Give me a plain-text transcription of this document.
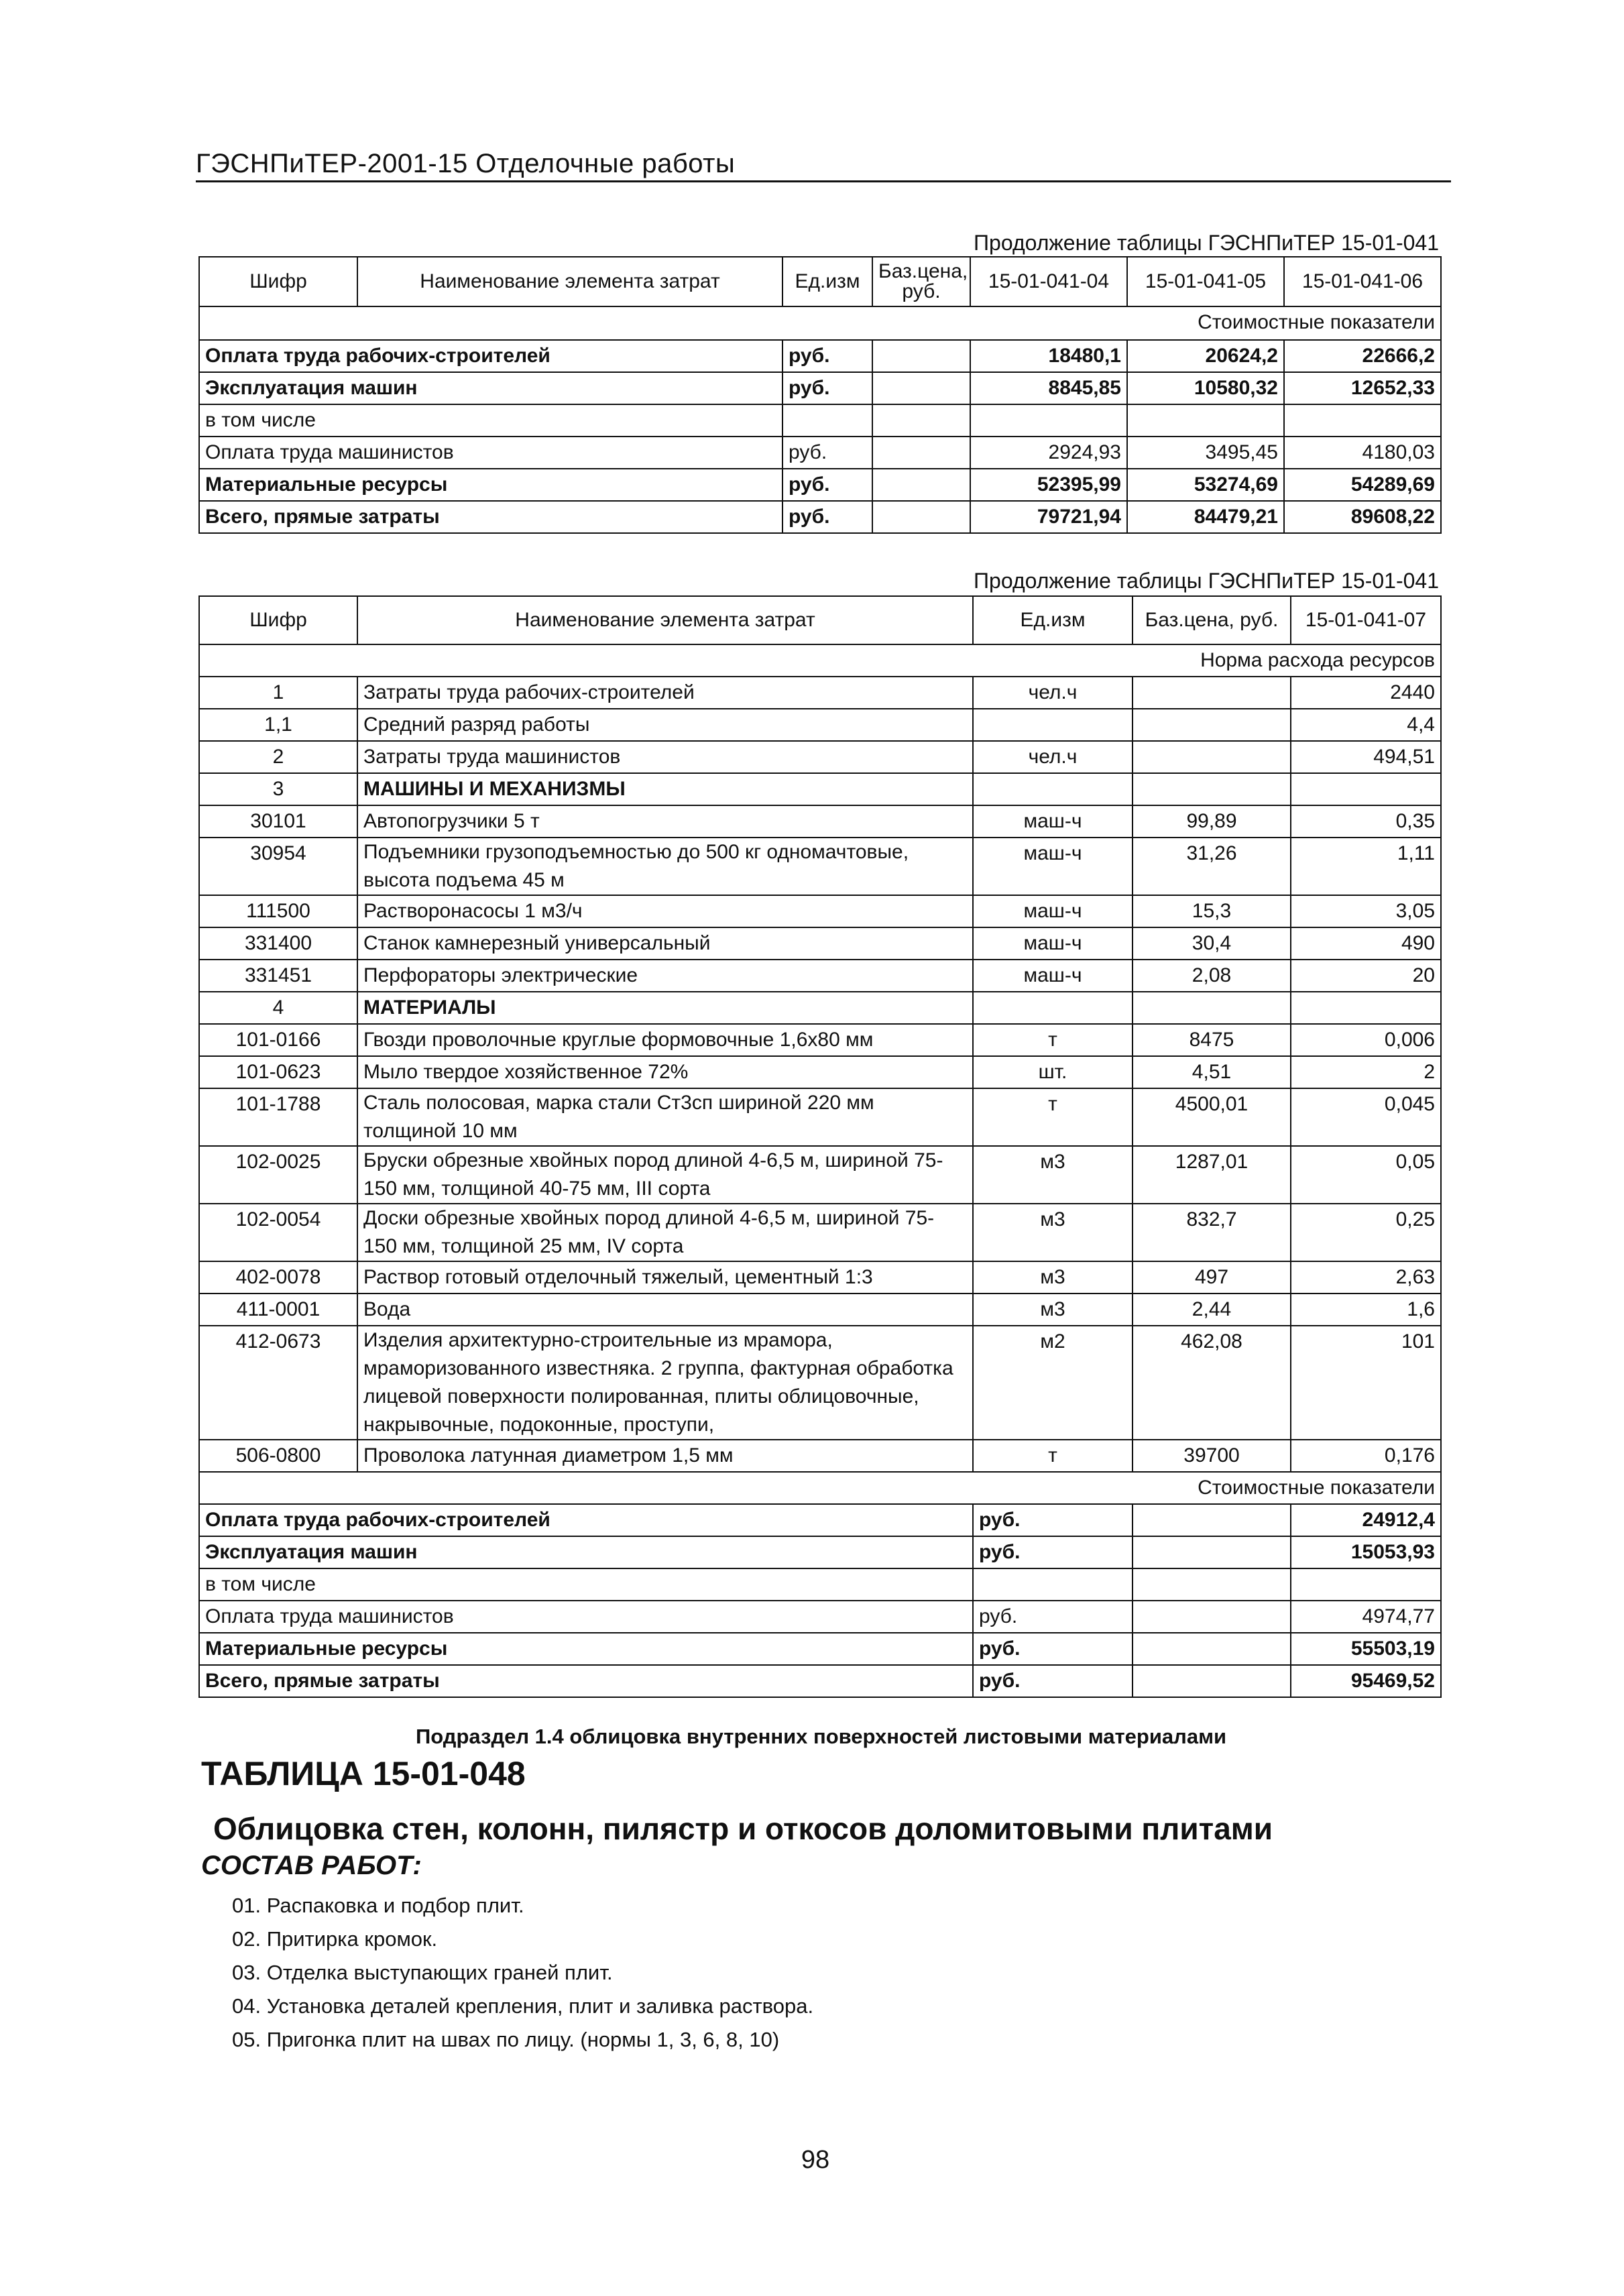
ГЭСНПиТЕР-2001-15 Отделочные работы
Продолжение таблицы ГЭСНПиТЕР 15-01-041
Шифр	Наименование элемента затрат	Ед.изм	Баз.цена, руб.	15-01-041-04	15-01-041-05	15-01-041-06
Стоимостные показатели						
Оплата труда рабочих-строителей		руб.		18480,1	20624,2	22666,2
Эксплуатация машин		руб.		8845,85	10580,32	12652,33
в том числе						
Оплата труда машинистов		руб.		2924,93	3495,45	4180,03
Материальные ресурсы		руб.		52395,99	53274,69	54289,69
Всего, прямые затраты		руб.		79721,94	84479,21	89608,22
Продолжение таблицы ГЭСНПиТЕР 15-01-041
Шифр	Наименование элемента затрат	Ед.изм	Баз.цена, руб.	15-01-041-07
Норма расхода ресурсов				
1	Затраты труда рабочих-строителей	чел.ч		2440
1,1	Средний разряд работы			4,4
2	Затраты труда машинистов	чел.ч		494,51
3	МАШИНЫ И МЕХАНИЗМЫ			
30101	Автопогрузчики 5 т	маш-ч	99,89	0,35
30954	Подъемники грузоподъемностью до 500 кг одномачтовые, высота подъема 45 м	маш-ч	31,26	1,11
111500	Растворонасосы 1 м3/ч	маш-ч	15,3	3,05
331400	Станок камнерезный универсальный	маш-ч	30,4	490
331451	Перфораторы электрические	маш-ч	2,08	20
4	МАТЕРИАЛЫ			
101-0166	Гвозди проволочные круглые формовочные 1,6х80 мм	т	8475	0,006
101-0623	Мыло твердое хозяйственное 72%	шт.	4,51	2
101-1788	Сталь полосовая, марка стали Ст3сп шириной 220 мм толщиной 10 мм	т	4500,01	0,045
102-0025	Бруски обрезные хвойных пород длиной 4-6,5 м, шириной 75-150 мм, толщиной 40-75 мм, III сорта	м3	1287,01	0,05
102-0054	Доски обрезные хвойных пород длиной 4-6,5 м, шириной 75-150 мм, толщиной 25 мм, IV сорта	м3	832,7	0,25
402-0078	Раствор готовый отделочный тяжелый, цементный 1:3	м3	497	2,63
411-0001	Вода	м3	2,44	1,6
412-0673	Изделия архитектурно-строительные из мрамора, мраморизованного известняка. 2 группа, фактурная обработка лицевой поверхности полированная, плиты облицовочные, накрывочные, подоконные, проступи,	м2	462,08	101
506-0800	Проволока латунная диаметром 1,5 мм	т	39700	0,176
Стоимостные показатели				
Оплата труда рабочих-строителей		руб.		24912,4
Эксплуатация машин		руб.		15053,93
в том числе				
Оплата труда машинистов		руб.		4974,77
Материальные ресурсы		руб.		55503,19
Всего, прямые затраты		руб.		95469,52
Подраздел 1.4 облицовка внутренних поверхностей листовыми материалами
ТАБЛИЦА 15-01-048
Облицовка стен, колонн, пилястр и откосов доломитовыми плитами
СОСТАВ РАБОТ:
01. Распаковка и подбор плит.
02. Притирка кромок.
03. Отделка выступающих граней плит.
04. Установка деталей крепления, плит и заливка раствора.
05. Пригонка плит на швах по лицу. (нормы 1, 3, 6, 8, 10)
98
